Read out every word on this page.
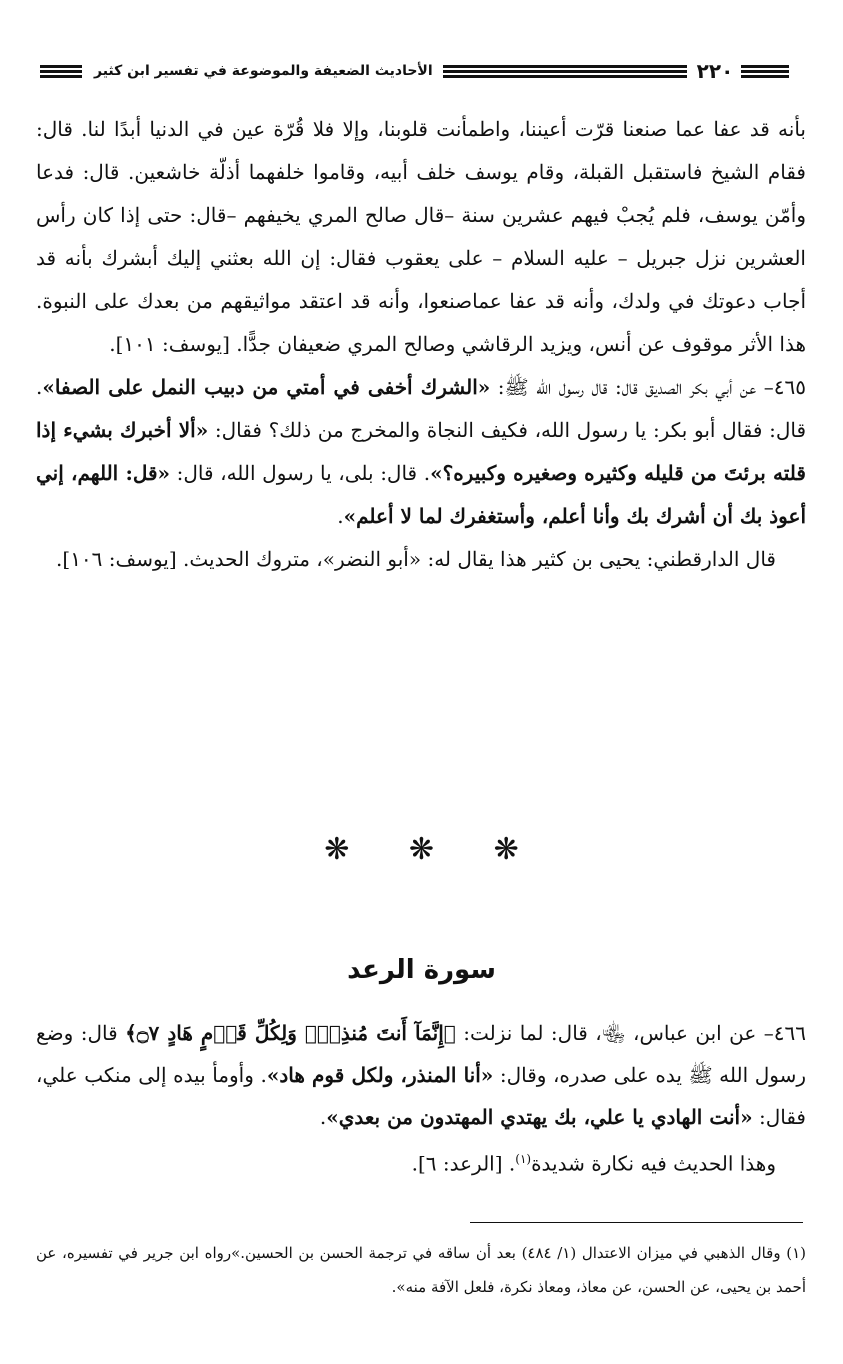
الأحاديث الضعيفة والموضوعة في تفسير ابن كثير	٢٢٠

بأنه قد عفا عما صنعنا قرّت أعيننا، واطمأنت قلوبنا، وإلا فلا قُرّة عين في الدنيا أبدًا لنا. قال: فقام الشيخ فاستقبل القبلة، وقام يوسف خلف أبيه، وقاموا خلفهما أذلّة خاشعين. قال: فدعا وأمّن يوسف، فلم يُجبْ فيهم عشرين سنة –قال صالح المري يخيفهم –قال: حتى إذا كان رأس العشرين نزل جبريل – عليه السلام – على يعقوب فقال: إن الله بعثني إليك أبشرك بأنه قد أجاب دعوتك في ولدك، وأنه قد عفا عماصنعوا، وأنه قد اعتقد مواثيقهم من بعدك على النبوة. هذا الأثر موقوف عن أنس، ويزيد الرقاشي وصالح المري ضعيفان جدًّا. [يوسف: ١٠١].

٤٦٥– عن أبي بكر الصديق قال: قال رسول الله ﷺ: «الشرك أخفى في أمتي من دبيب النمل على الصفا». قال: فقال أبو بكر: يا رسول الله، فكيف النجاة والمخرج من ذلك؟ فقال: «ألا أخبرك بشيء إذا قلته برئتَ من قليله وكثيره وصغيره وكبيره؟». قال: بلى، يا رسول الله، قال: «قل: اللهم، إني أعوذ بك أن أشرك بك وأنا أعلم، وأستغفرك لما لا أعلم».

قال الدارقطني: يحيى بن كثير هذا يقال له: «أبو النضر»، متروك الحديث. [يوسف: ١٠٦].

❋ ❋ ❋
سورة الرعد

٤٦٦– عن ابن عباس، ﵄، قال: لما نزلت: ﴿إِنَّمَآ أَنتَ مُنذِرٌۖ وَلِكُلِّ قَوۡمٍ هَادٍ ۝٧﴾ قال: وضع رسول الله ﷺ يده على صدره، وقال: «أنا المنذر، ولكل قوم هاد». وأومأ بيده إلى منكب علي، فقال: «أنت الهادي يا علي، بك يهتدي المهتدون من بعدي».

وهذا الحديث فيه نكارة شديدة$^{(١)}$. [الرعد: ٦].

(١) وقال الذهبي في ميزان الاعتدال (١/ ٤٨٤) بعد أن ساقه في ترجمة الحسن بن الحسين.»رواه ابن جرير في تفسيره، عن أحمد بن يحيى، عن الحسن، عن معاذ، ومعاذ نكرة، فلعل الآفة منه».
